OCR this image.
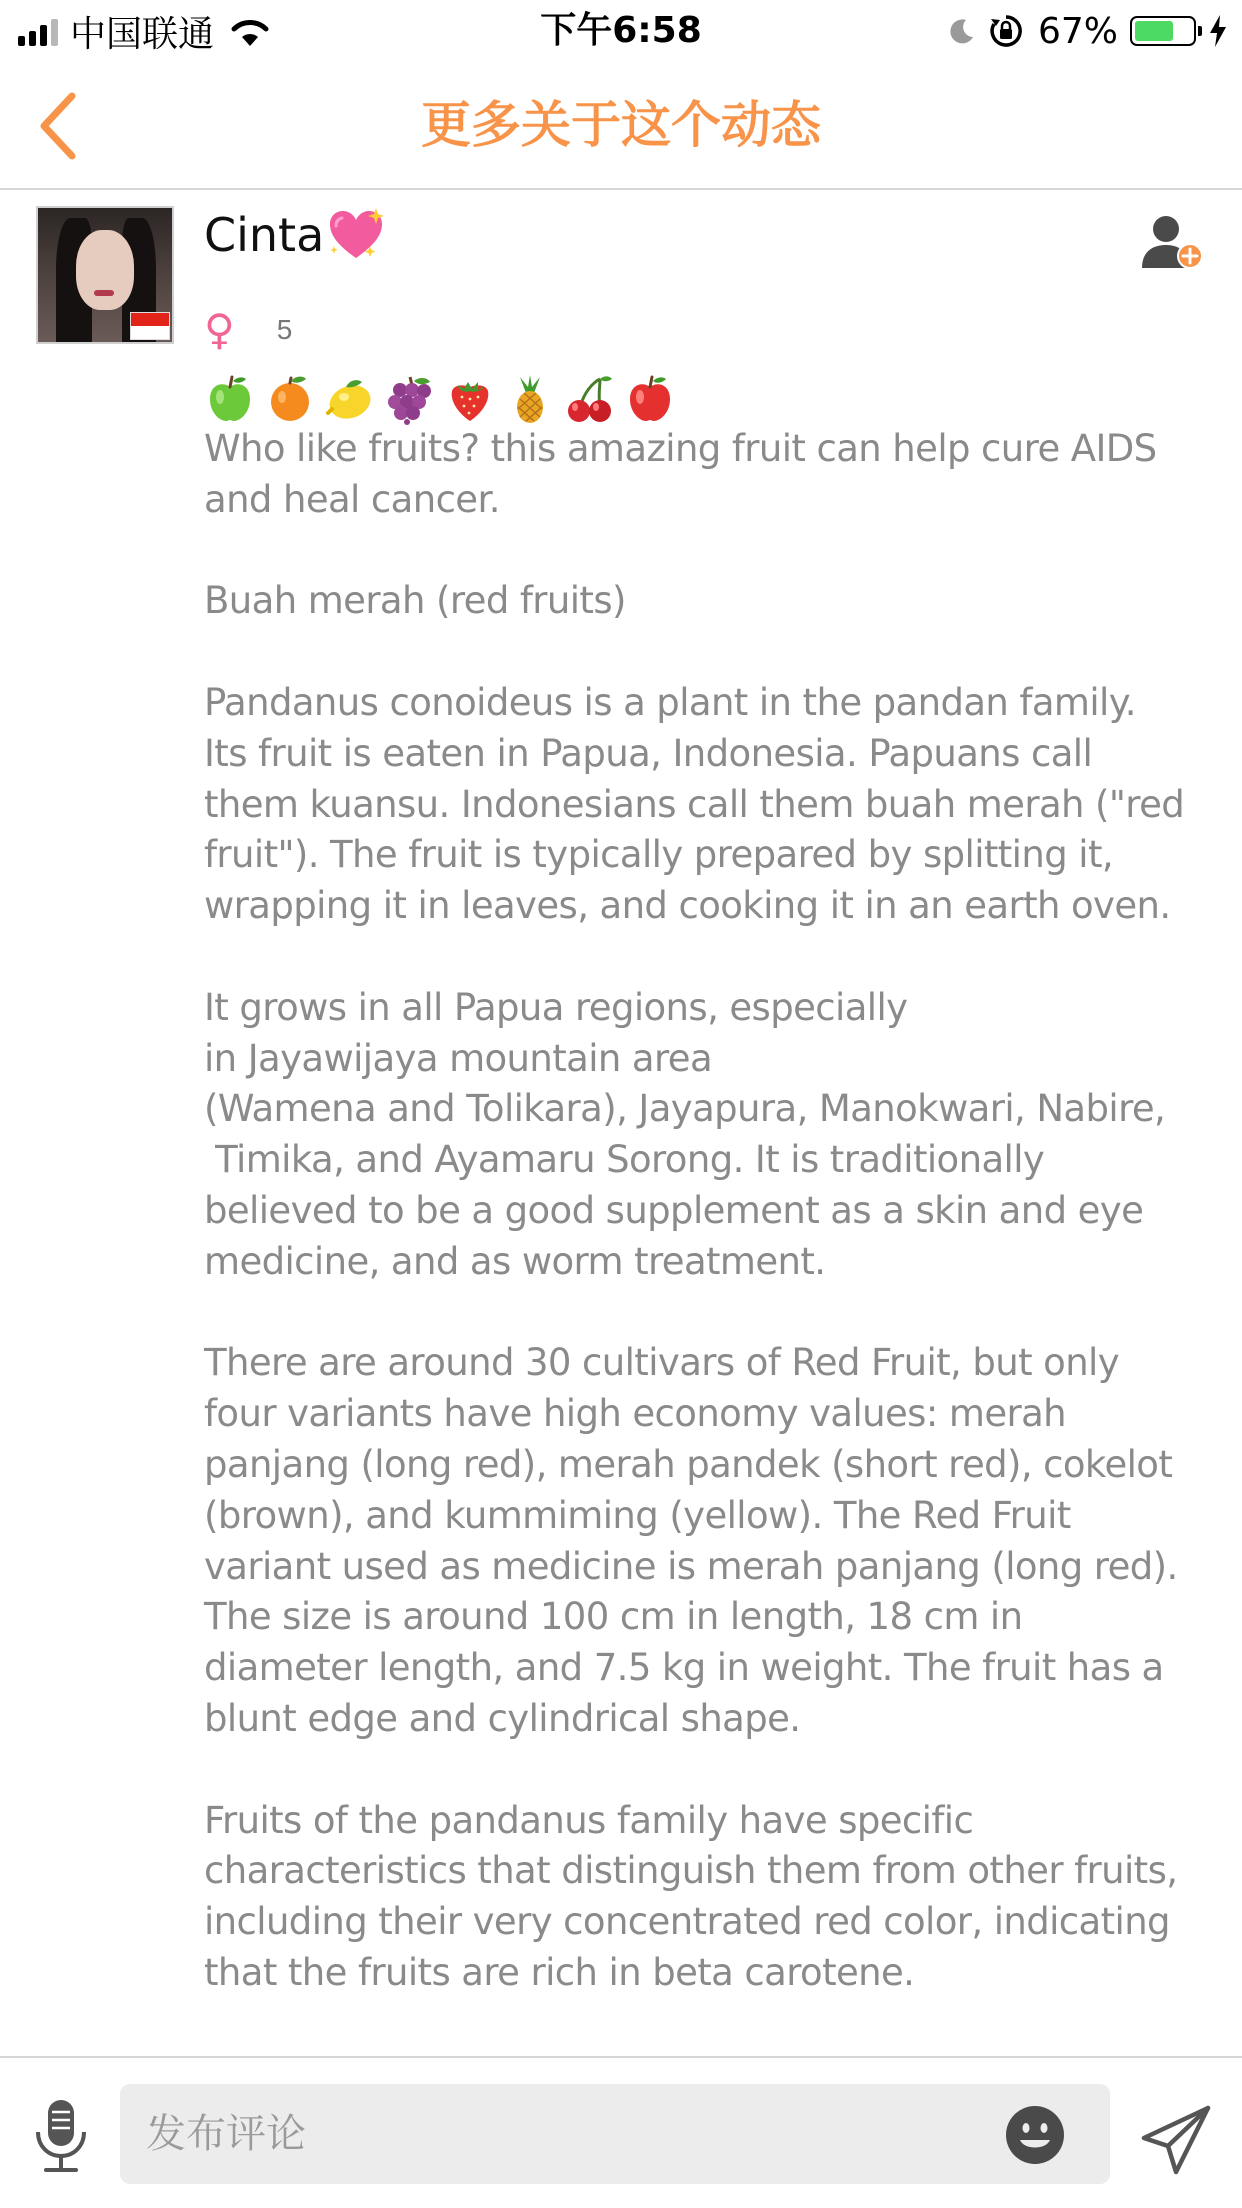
中国联通	下午6:58	67%
更多关于这个动态
Cinta
♀ 5

Who like fruits? this amazing fruit can help cure AIDS
and heal cancer.

Buah merah (red fruits)

Pandanus conoideus is a plant in the pandan family.
Its fruit is eaten in Papua, Indonesia. Papuans call
them kuansu. Indonesians call them buah merah ("red
fruit"). The fruit is typically prepared by splitting it,
wrapping it in leaves, and cooking it in an earth oven.

It grows in all Papua regions, especially
in Jayawijaya mountain area
(Wamena and Tolikara), Jayapura, Manokwari, Nabire,
Timika, and Ayamaru Sorong. It is traditionally
believed to be a good supplement as a skin and eye
medicine, and as worm treatment.

There are around 30 cultivars of Red Fruit, but only
four variants have high economy values: merah
panjang (long red), merah pandek (short red), cokelot
(brown), and kummiming (yellow). The Red Fruit
variant used as medicine is merah panjang (long red).
The size is around 100 cm in length, 18 cm in
diameter length, and 7.5 kg in weight. The fruit has a
blunt edge and cylindrical shape.

Fruits of the pandanus family have specific
characteristics that distinguish them from other fruits,
including their very concentrated red color, indicating
that the fruits are rich in beta carotene.

发布评论
